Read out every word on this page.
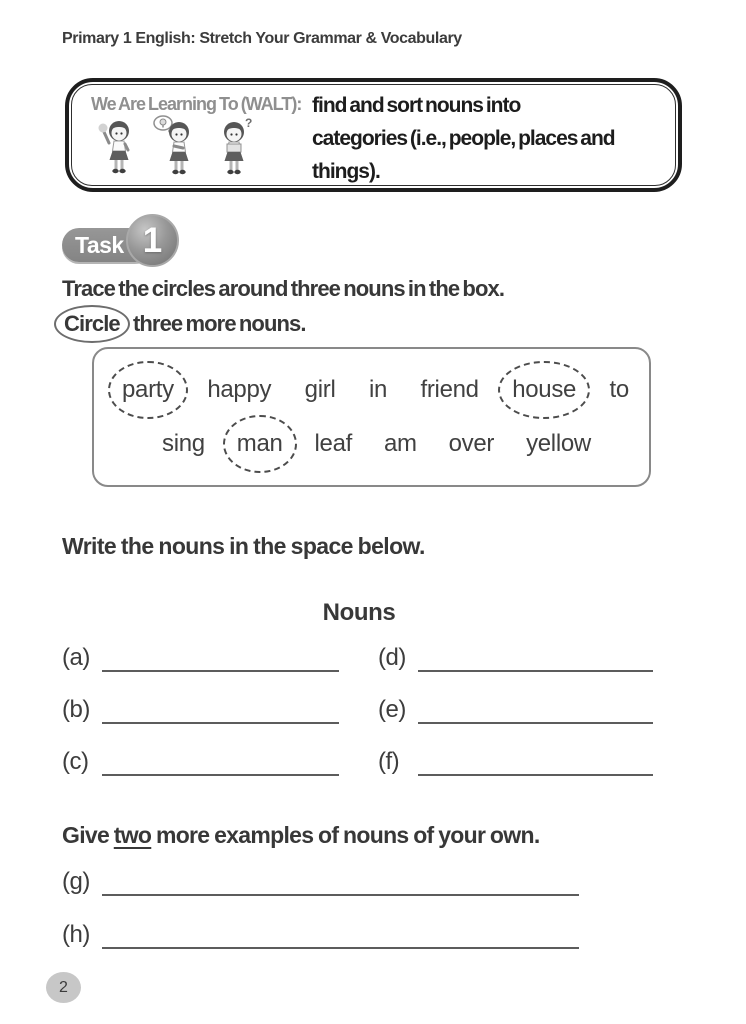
Primary 1 English: Stretch Your Grammar & Vocabulary
We Are Learning To (WALT):
?
find and sort nouns into
categories (i.e., people, places and
things).
Task 1
Trace the circles around three nouns in the box.
Circle three more nouns.
party happy girl in friend house to
sing man leaf am over yellow
Write the nouns in the space below.
Nouns
(a)	(d)
(b)	(e)
(c)	(f)
Give two more examples of nouns of your own.
(g)
(h)
2
